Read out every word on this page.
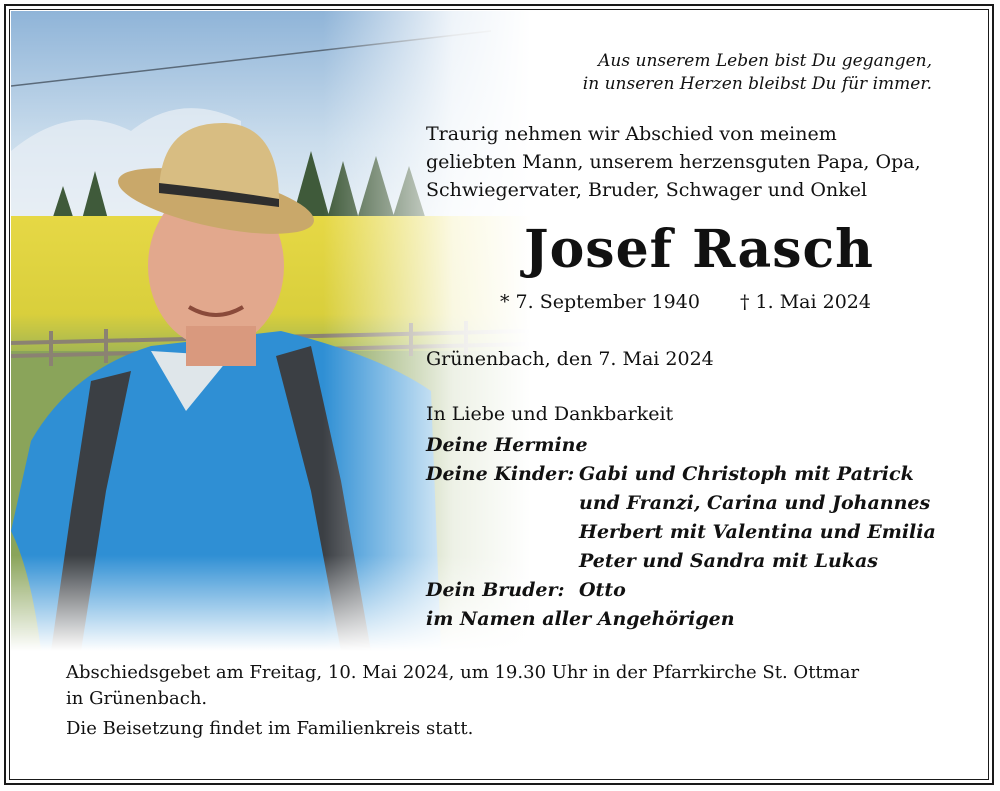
Aus unserem Leben bist Du gegangen,
in unseren Herzen bleibst Du für immer.
Traurig nehmen wir Abschied von meinem
geliebten Mann, unserem herzensguten Papa, Opa,
Schwiegervater, Bruder, Schwager und Onkel
Josef Rasch
* 7. September 1940 † 1. Mai 2024
Grünenbach, den 7. Mai 2024
In Liebe und Dankbarkeit
Deine Hermine
Deine Kinder: Gabi und Christoph mit Patrick
und Franzi, Carina und Johannes
Herbert mit Valentina und Emilia
Peter und Sandra mit Lukas
Dein Bruder: Otto
im Namen aller Angehörigen

Abschiedsgebet am Freitag, 10. Mai 2024, um 19.30 Uhr in der Pfarrkirche St. Ottmar

in Grünenbach.

Die Beisetzung findet im Familienkreis statt.
